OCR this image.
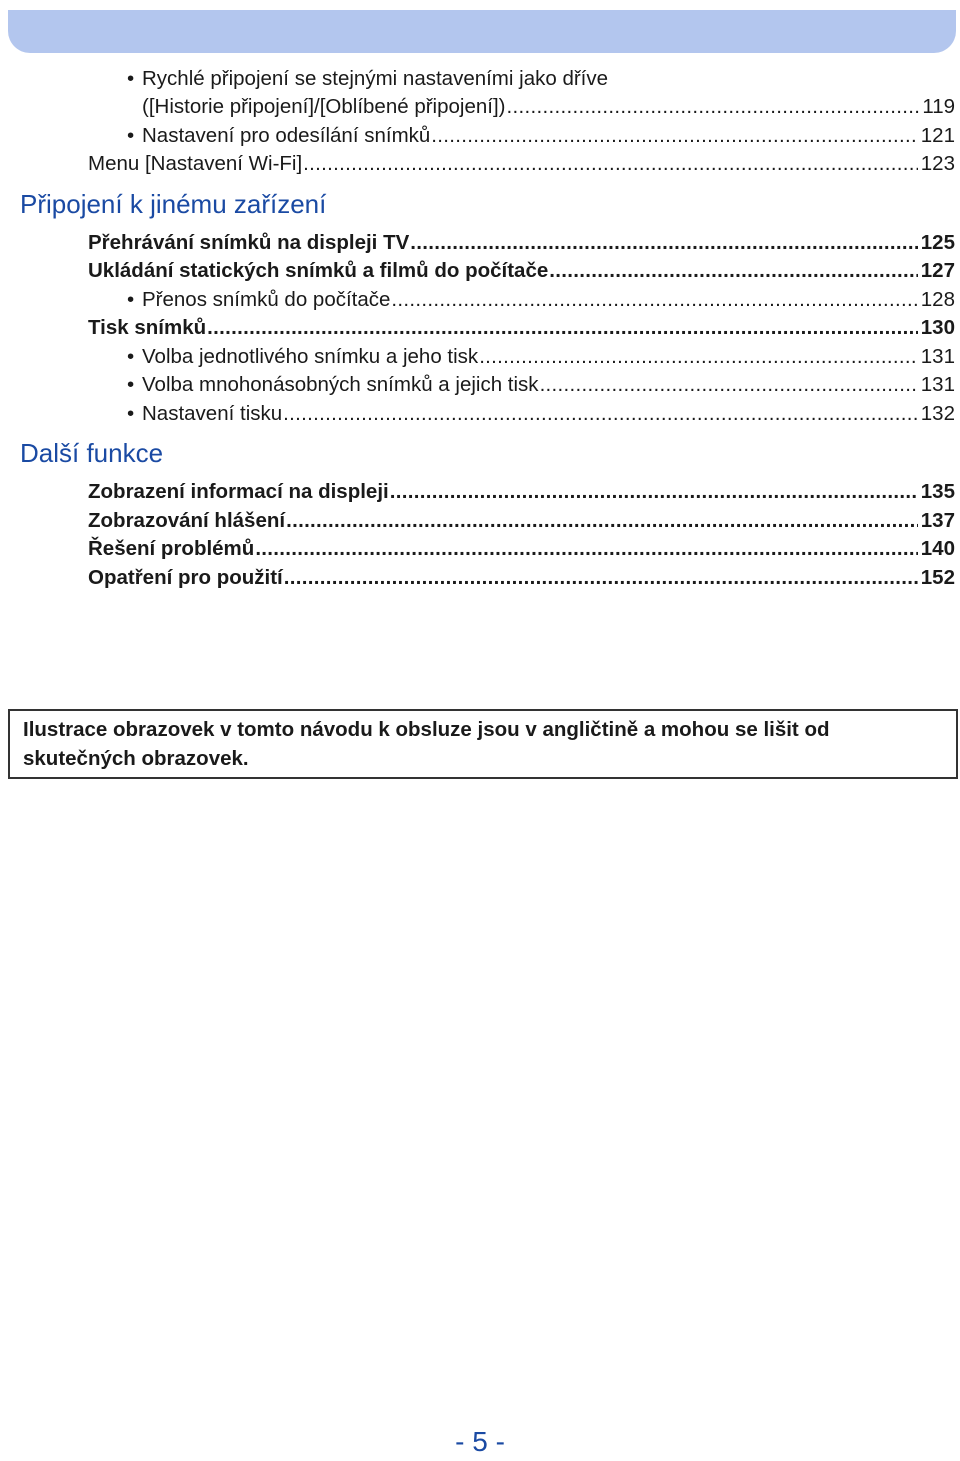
• Rychlé připojení se stejnými nastaveními jako dříve
([Historie připojení]/[Oblíbené připojení]) .....	119
• Nastavení pro odesílání snímků .....	121
Menu [Nastavení Wi-Fi] .....	123
Připojení k jinému zařízení
Přehrávání snímků na displeji TV .....	125
Ukládání statických snímků a filmů do počítače .....	127
• Přenos snímků do počítače .....	128
Tisk snímků .....	130
• Volba jednotlivého snímku a jeho tisk .....	131
• Volba mnohonásobných snímků a jejich tisk .....	131
• Nastavení tisku .....	132
Další funkce
Zobrazení informací na displeji .....	135
Zobrazování hlášení .....	137
Řešení problémů .....	140
Opatření pro použití .....	152
Ilustrace obrazovek v tomto návodu k obsluze jsou v angličtině a mohou se lišit od skutečných obrazovek.
- 5 -
